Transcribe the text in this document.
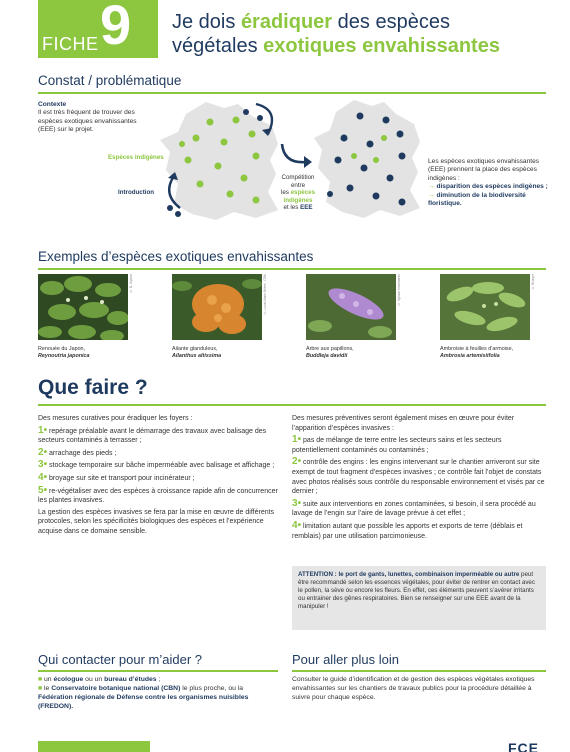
FICHE 9 Je dois éradiquer des espèces
végétales exotiques envahissantes
Constat / problématique
Contexte
Il est très fréquent de trouver des espèces exotiques envahissantes (EEE) sur le projet.
Espèces indigènes
Introduction
Compétition
entre
les espèces indigènes
et les EEE
Les espèces exotiques envahissantes (EEE) prennent la place des espèces indigènes :
→ disparition des espèces indigènes ;
→ diminution de la biodiversité floristique.
Exemples d’espèces exotiques envahissantes
© B. Joyeux
Renouée du Japon,
Reynoutria japonica
© Louis-Marie Brière - CBN
Ailante glanduleux,
Ailanthus altissima
© Sylvain Montmartin
Arbre aux papillons,
Buddleja davidii
© Biotope
Ambroisie à feuilles d’armoise,
Ambrosia artemisiifolia
Que faire ?

Des mesures curatives pour éradiquer les foyers :

1• repérage préalable avant le démarrage des travaux avec balisage des secteurs contaminés à terrasser ;

2• arrachage des pieds ;

3• stockage temporaire sur bâche imperméable avec balisage et affichage ;

4• broyage sur site et transport pour incinérateur ;

5• re-végétaliser avec des espèces à croissance rapide afin de concurrencer les plantes invasives.

La gestion des espèces invasives se fera par la mise en œuvre de différents protocoles, selon les spécificités biologiques des espèces et l’expérience acquise dans ce domaine sensible.

Des mesures préventives seront également mises en œuvre pour éviter l’apparition d’espèces invasives :

1• pas de mélange de terre entre les secteurs sains et les secteurs potentiellement contaminés ou contaminés ;

2• contrôle des engins : les engins intervenant sur le chantier arriveront sur site exempt de tout fragment d’espèces invasives ; ce contrôle fait l’objet de constats avec photos réalisés sous contrôle du responsable environnement et visés par ce dernier ;

3• suite aux interventions en zones contaminées, si besoin, il sera procédé au lavage de l’engin sur l’aire de lavage prévue à cet effet ;

4• limitation autant que possible les apports et exports de terre (déblais et remblais) par une utilisation parcimonieuse.

ATTENTION : le port de gants, lunettes, combinaison imperméable ou autre peut être recommandé selon les essences végétales, pour éviter de rentrer en contact avec le pollen, la sève ou encore les fleurs. En effet, ces éléments peuvent s’avérer irritants ou entrainer des gênes respiratoires. Bien se renseigner sur une EEE avant de la manipuler !
Qui contacter pour m’aider ?
■ un écologue ou un bureau d’études ;
■ le Conservatoire botanique national (CBN) le plus proche, ou la Fédération régionale de Défense contre les organismes nuisibles (FREDON).
Pour aller plus loin
Consulter le guide d’identification et de gestion des espèces végétales exotiques envahissantes sur les chantiers de travaux publics pour la procédure détaillée à suivre pour chaque espèce.
FCE
